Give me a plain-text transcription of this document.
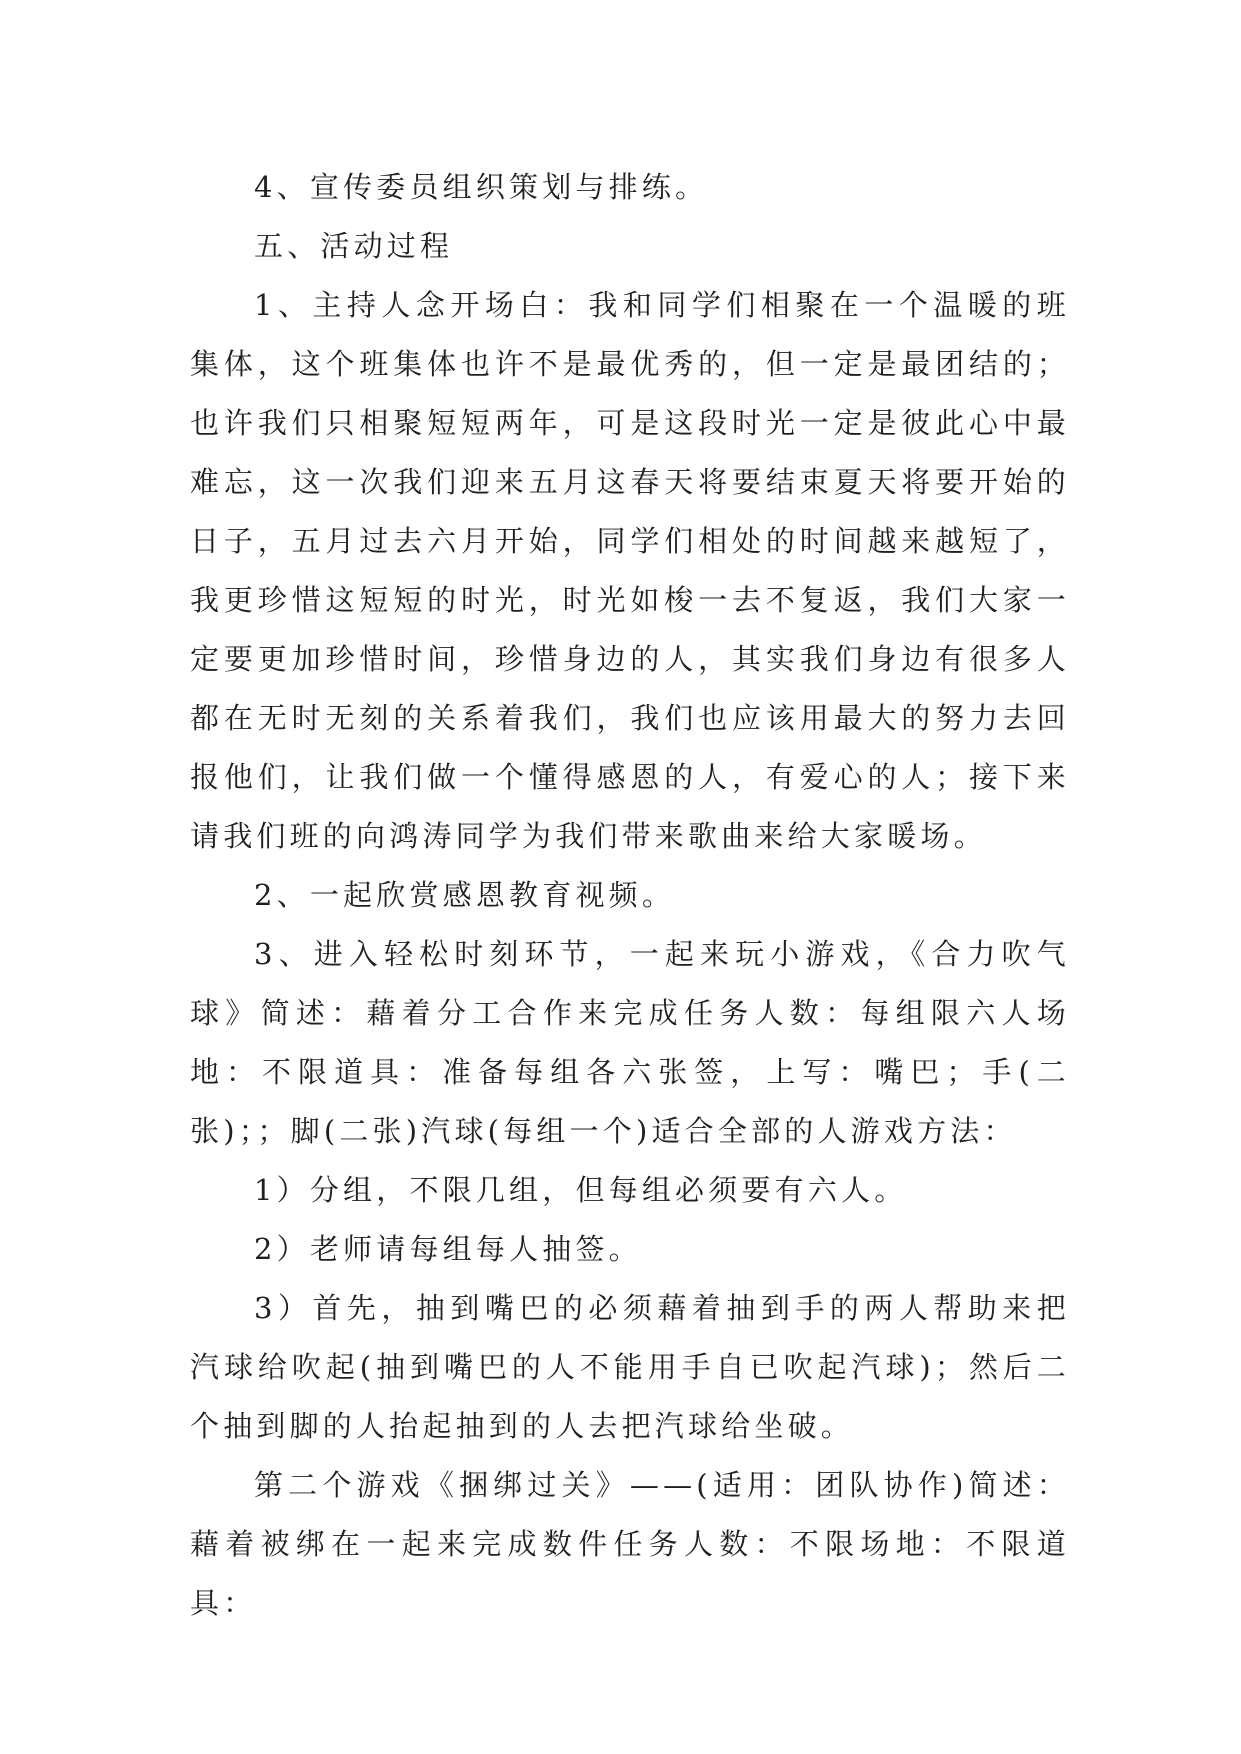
4、宣传委员组织策划与排练。

五、活动过程

1、主持人念开场白：我和同学们相聚在一个温暖的班集体，这个班集体也许不是最优秀的，但一定是最团结的；也许我们只相聚短短两年，可是这段时光一定是彼此心中最难忘，这一次我们迎来五月这春天将要结束夏天将要开始的日子，五月过去六月开始，同学们相处的时间越来越短了，我更珍惜这短短的时光，时光如梭一去不复返，我们大家一定要更加珍惜时间，珍惜身边的人，其实我们身边有很多人都在无时无刻的关系着我们，我们也应该用最大的努力去回报他们，让我们做一个懂得感恩的人，有爱心的人；接下来请我们班的向鸿涛同学为我们带来歌曲来给大家暖场。

2、一起欣赏感恩教育视频。

3、进入轻松时刻环节，一起来玩小游戏，《合力吹气球》简述：藉着分工合作来完成任务人数：每组限六人场地：不限道具：准备每组各六张签，上写：嘴巴；手(二张)；；脚(二张)汽球(每组一个)适合全部的人游戏方法：

1）分组，不限几组，但每组必须要有六人。

2）老师请每组每人抽签。

3）首先，抽到嘴巴的必须藉着抽到手的两人帮助来把汽球给吹起(抽到嘴巴的人不能用手自已吹起汽球)；然后二个抽到脚的人抬起抽到的人去把汽球给坐破。

第二个游戏《捆绑过关》——(适用：团队协作)简述：藉着被绑在一起来完成数件任务人数：不限场地：不限道具：
